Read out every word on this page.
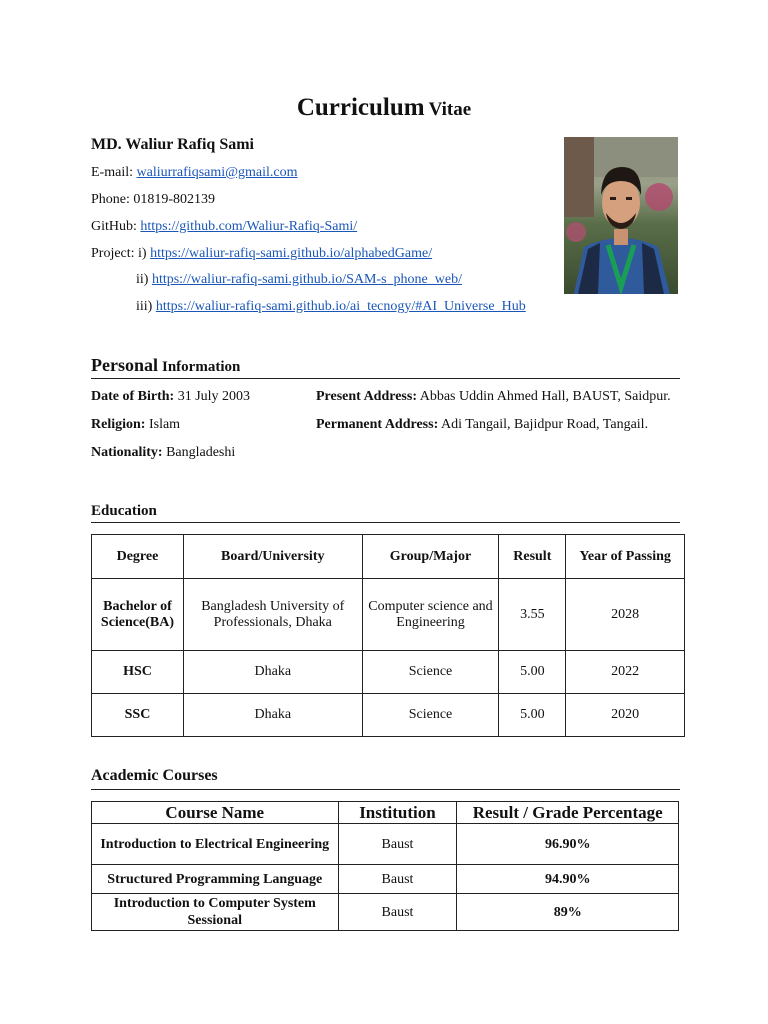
Curriculum Vitae
MD. Waliur Rafiq Sami
E-mail: waliurrafiqsami@gmail.com
Phone: 01819-802139
GitHub: https://github.com/Waliur-Rafiq-Sami/
Project: i) https://waliur-rafiq-sami.github.io/alphabedGame/
ii) https://waliur-rafiq-sami.github.io/SAM-s_phone_web/
iii) https://waliur-rafiq-sami.github.io/ai_tecnogy/#AI_Universe_Hub
Personal Information
Date of Birth: 31 July 2003
Religion: Islam
Nationality: Bangladeshi
Present Address: Abbas Uddin Ahmed Hall, BAUST, Saidpur.
Permanent Address: Adi Tangail, Bajidpur Road, Tangail.
Education
Degree	Board/University	Group/Major	Result	Year of Passing
Bachelor of Science(BA)	Bangladesh University of Professionals, Dhaka	Computer science and Engineering	3.55	2028
HSC	Dhaka	Science	5.00	2022
SSC	Dhaka	Science	5.00	2020
Academic Courses
Course Name	Institution	Result / Grade Percentage
Introduction to Electrical Engineering	Baust	96.90%
Structured Programming Language	Baust	94.90%
Introduction to Computer System Sessional	Baust	89%
